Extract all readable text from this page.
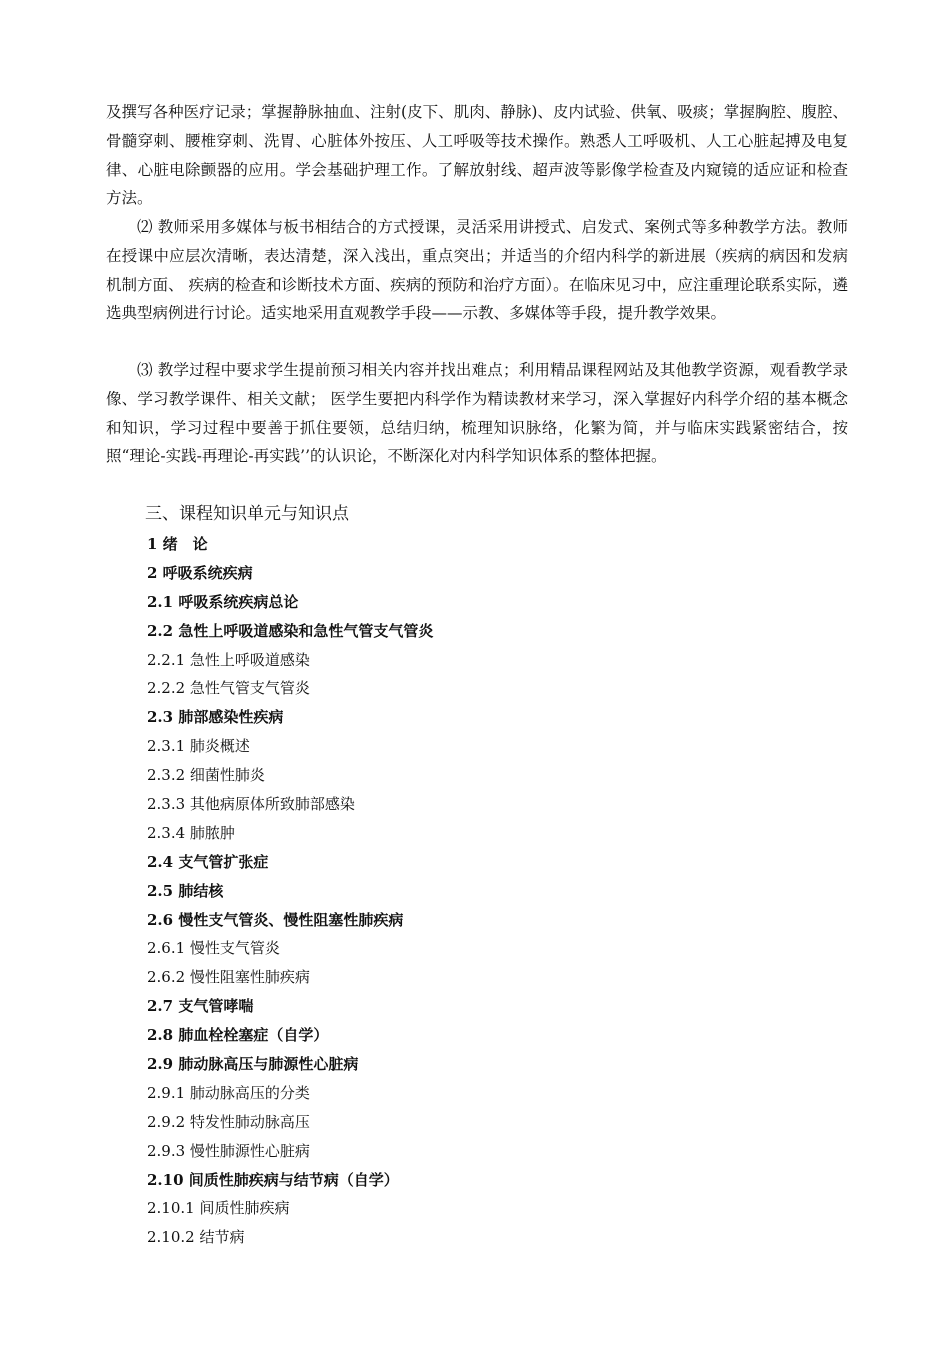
及撰写各种医疗记录；掌握静脉抽血、注射(皮下、肌肉、静脉)、皮内试验、供氧、吸痰；掌握胸腔、腹腔、骨髓穿刺、腰椎穿刺、洗胃、心脏体外按压、人工呼吸等技术操作。熟悉人工呼吸机、人工心脏起搏及电复律、心脏电除颤器的应用。学会基础护理工作。了解放射线、超声波等影像学检查及内窥镜的适应证和检查方法。

⑵ 教师采用多媒体与板书相结合的方式授课，灵活采用讲授式、启发式、案例式等多种教学方法。教师在授课中应层次清晰，表达清楚，深入浅出，重点突出；并适当的介绍内科学的新进展（疾病的病因和发病机制方面、 疾病的检查和诊断技术方面、疾病的预防和治疗方面）。在临床见习中，应注重理论联系实际，遴选典型病例进行讨论。适实地采用直观教学手段——示教、多媒体等手段，提升教学效果。

⑶ 教学过程中要求学生提前预习相关内容并找出难点；利用精品课程网站及其他教学资源，观看教学录像、学习教学课件、相关文献； 医学生要把内科学作为精读教材来学习，深入掌握好内科学介绍的基本概念和知识，学习过程中要善于抓住要领，总结归纳，梳理知识脉络，化繁为简，并与临床实践紧密结合，按照“理论-实践-再理论-再实践’’的认识论，不断深化对内科学知识体系的整体把握。

三、课程知识单元与知识点
1 绪　论
2 呼吸系统疾病
2.1 呼吸系统疾病总论
2.2 急性上呼吸道感染和急性气管支气管炎
2.2.1 急性上呼吸道感染
2.2.2 急性气管支气管炎
2.3 肺部感染性疾病
2.3.1 肺炎概述
2.3.2 细菌性肺炎
2.3.3 其他病原体所致肺部感染
2.3.4 肺脓肿
2.4 支气管扩张症
2.5 肺结核
2.6 慢性支气管炎、慢性阻塞性肺疾病
2.6.1 慢性支气管炎
2.6.2 慢性阻塞性肺疾病
2.7 支气管哮喘
2.8 肺血栓栓塞症（自学）
2.9 肺动脉高压与肺源性心脏病
2.9.1 肺动脉高压的分类
2.9.2 特发性肺动脉高压
2.9.3 慢性肺源性心脏病
2.10 间质性肺疾病与结节病（自学）
2.10.1 间质性肺疾病
2.10.2 结节病
